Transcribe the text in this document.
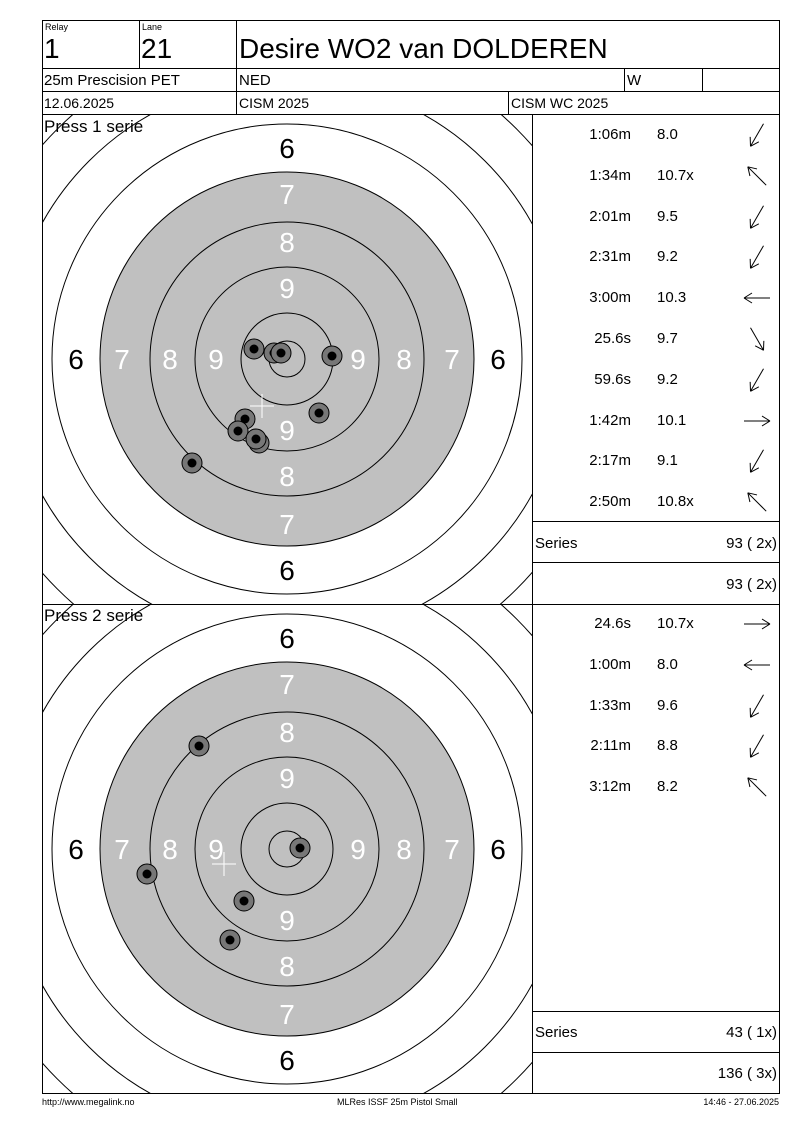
Relay
1
Lane
21 Desire WO2 van DOLDEREN
25m Prescision PET	NED	W
12.06.2025	CISM 2025	CISM WC 2025
6
7
8
9
6
7
8
9
6 7 8 9	6
7
8
9
Press 1 serie	1:06m 8.0
1:34m 10.7x
2:01m 9.5
2:31m 9.2
3:00m 10.3
25.6s 9.7
59.6s 9.2
1:42m 10.1
2:17m 9.1
2:50m 10.8x
Series	93 ( 2x)
93 ( 2x)
6
7
8
9
6
7
8
9
6 7 8 9	6
7
8
9
Press 2 serie	24.6s 10.7x
1:00m 8.0
1:33m 9.6
2:11m 8.8
3:12m 8.2
Series	43 ( 1x)
136 ( 3x)
http://www.megalink.no	MLRes ISSF 25m Pistol Small	14:46 - 27.06.2025
